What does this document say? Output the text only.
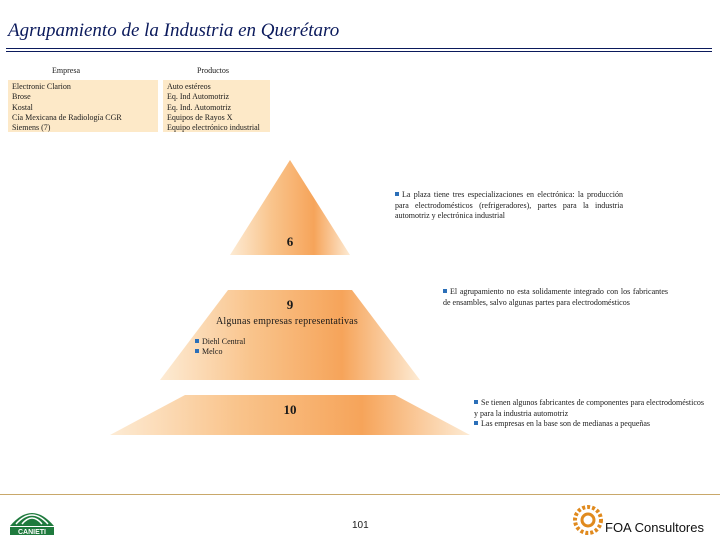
Agrupamiento de la Industria en Querétaro
Empresa	Productos
Electronic Clarion
Brose
Kostal
Cía Mexicana de Radiología CGR
Siemens (7)
Auto estéreos
Eq. Ind Automotriz
Eq. Ind. Automotriz
Equipos de Rayos X
Equipo electrónico industrial
6
9
10
La plaza tiene tres especializaciones en electrónica: la producción para electrodomésticos (refrigeradores), partes para la industria automotriz y electrónica industrial
El agrupamiento no esta solidamente integrado con los fabricantes de ensambles, salvo algunas partes para electrodomésticos
Se tienen algunos fabricantes de componentes para electrodomésticos y para la industria automotriz
Las empresas en la base son de medianas a pequeñas
Algunas empresas representativas
Diehl Central
Melco
CANIETI
101	FOA Consultores
